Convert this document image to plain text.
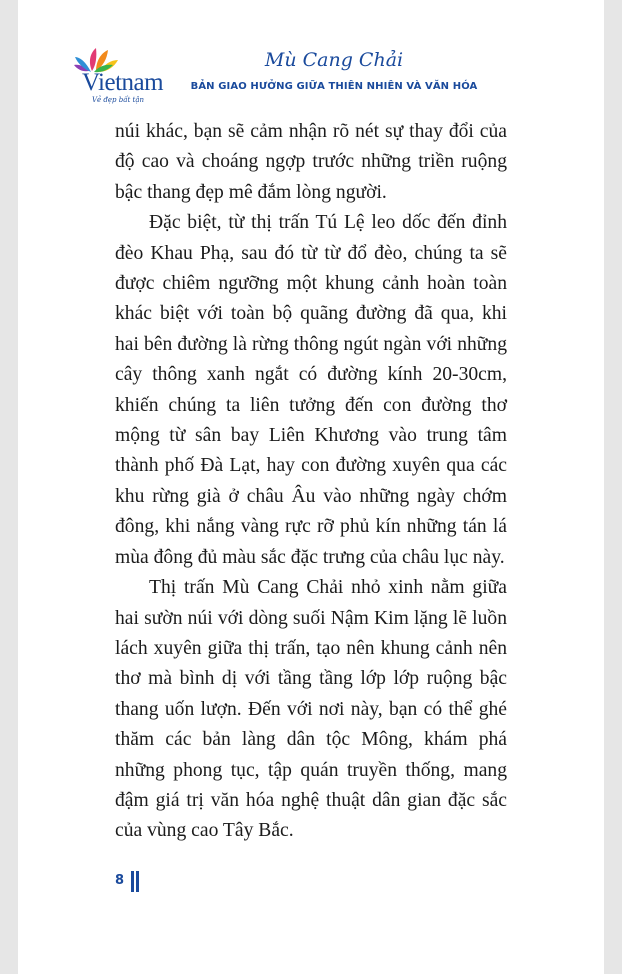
Vietnam
Vẻ đẹp bất tận
Mù Cang Chải
BẢN GIAO HƯỞNG GIỮA THIÊN NHIÊN VÀ VĂN HÓA

núi khác, bạn sẽ cảm nhận rõ nét sự thay đổi của độ cao và choáng ngợp trước những triền ruộng bậc thang đẹp mê đắm lòng người.

Đặc biệt, từ thị trấn Tú Lệ leo dốc đến đỉnh đèo Khau Phạ, sau đó từ từ đổ đèo, chúng ta sẽ được chiêm ngưỡng một khung cảnh hoàn toàn khác biệt với toàn bộ quãng đường đã qua, khi hai bên đường là rừng thông ngút ngàn với những cây thông xanh ngắt có đường kính 20-30cm, khiến chúng ta liên tưởng đến con đường thơ mộng từ sân bay Liên Khương vào trung tâm thành phố Đà Lạt, hay con đường xuyên qua các khu rừng già ở châu Âu vào những ngày chớm đông, khi nắng vàng rực rỡ phủ kín những tán lá mùa đông đủ màu sắc đặc trưng của châu lục này.

Thị trấn Mù Cang Chải nhỏ xinh nằm giữa hai sườn núi với dòng suối Nậm Kim lặng lẽ luồn lách xuyên giữa thị trấn, tạo nên khung cảnh nên thơ mà bình dị với tầng tầng lớp lớp ruộng bậc thang uốn lượn. Đến với nơi này, bạn có thể ghé thăm các bản làng dân tộc Mông, khám phá những phong tục, tập quán truyền thống, mang đậm giá trị văn hóa nghệ thuật dân gian đặc sắc của vùng cao Tây Bắc.

8
